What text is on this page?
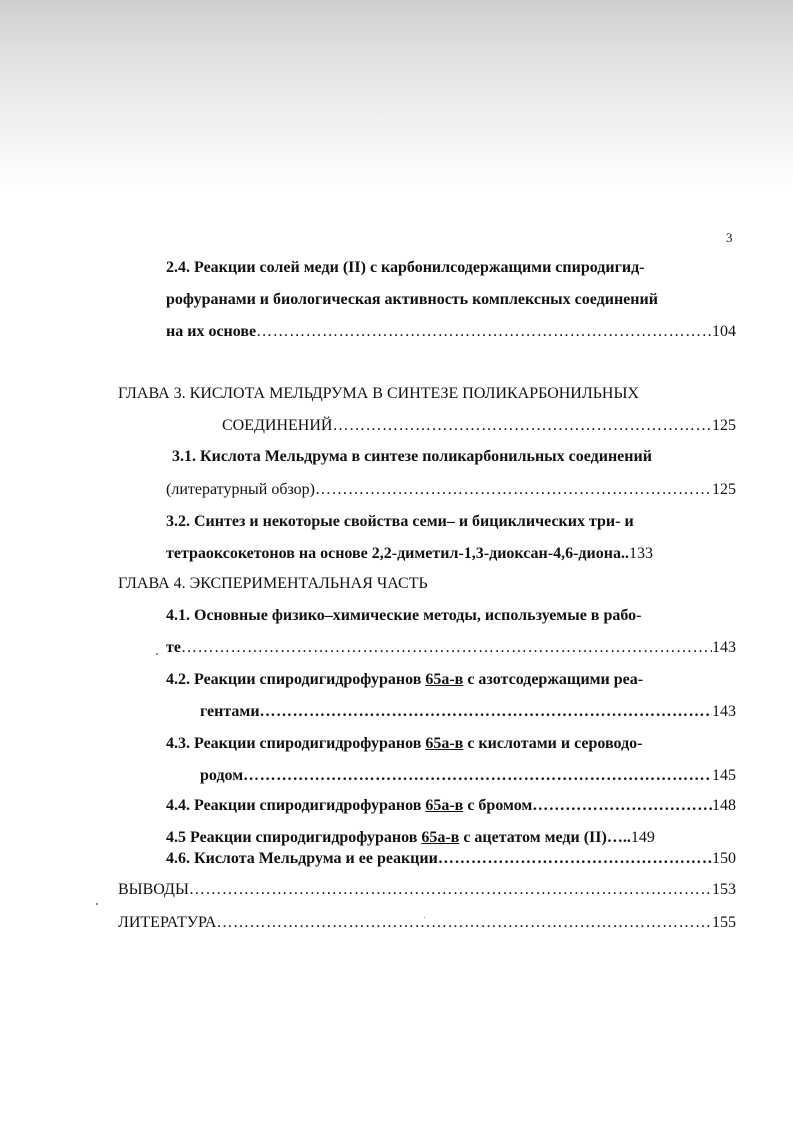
3
2.4. Реакции солей меди (II) с карбонилсодержащими спиродигид-
рофуранами и биологическая активность комплексных соединений
на их основе ………………………………………………………………………………………………………………………………………………………………………………………………………………	104
ГЛАВА 3. КИСЛОТА МЕЛЬДРУМА В СИНТЕЗЕ ПОЛИКАРБОНИЛЬНЫХ
СОЕДИНЕНИЙ ………………………………………………………………………………………………………………………………………………………………………………………………………………	125
3.1. Кислота Мельдрума в синтезе поликарбонильных соединений
(литературный обзор) ………………………………………………………………………………………………………………………………………………………………………………………………………………	125
3.2. Синтез и некоторые свойства семи– и бициклических три- и
тетраоксокетонов на основе 2,2-диметил-1,3-диоксан-4,6-диона..133
ГЛАВА 4. ЭКСПЕРИМЕНТАЛЬНАЯ ЧАСТЬ
4.1. Основные физико–химические методы, используемые в рабо-
те ………………………………………………………………………………………………………………………………………………………………………………………………………………	143
4.2. Реакции спиродигидрофуранов 65а-в с азотсодержащими реа-
гентами ………………………………………………………………………………………………………………………………………………………………………………………………………………	143
4.3. Реакции спиродигидрофуранов 65а-в с кислотами и сероводо-
родом ………………………………………………………………………………………………………………………………………………………………………………………………………………	145
4.4. Реакции спиродигидрофуранов 65а-в с бромом ………………………………………………………………………………………………………………………………………………………………………………………………………………	148
4.5 Реакции спиродигидрофуранов 65а-в с ацетатом меди (II)…..149
4.6. Кислота Мельдрума и ее реакции ………………………………………………………………………………………………………………………………………………………………………………………………………………	150
ВЫВОДЫ ………………………………………………………………………………………………………………………………………………………………………………………………………………	153
ЛИТЕРАТУРА ………………………………………………………………………………………………………………………………………………………………………………………………………………	155
